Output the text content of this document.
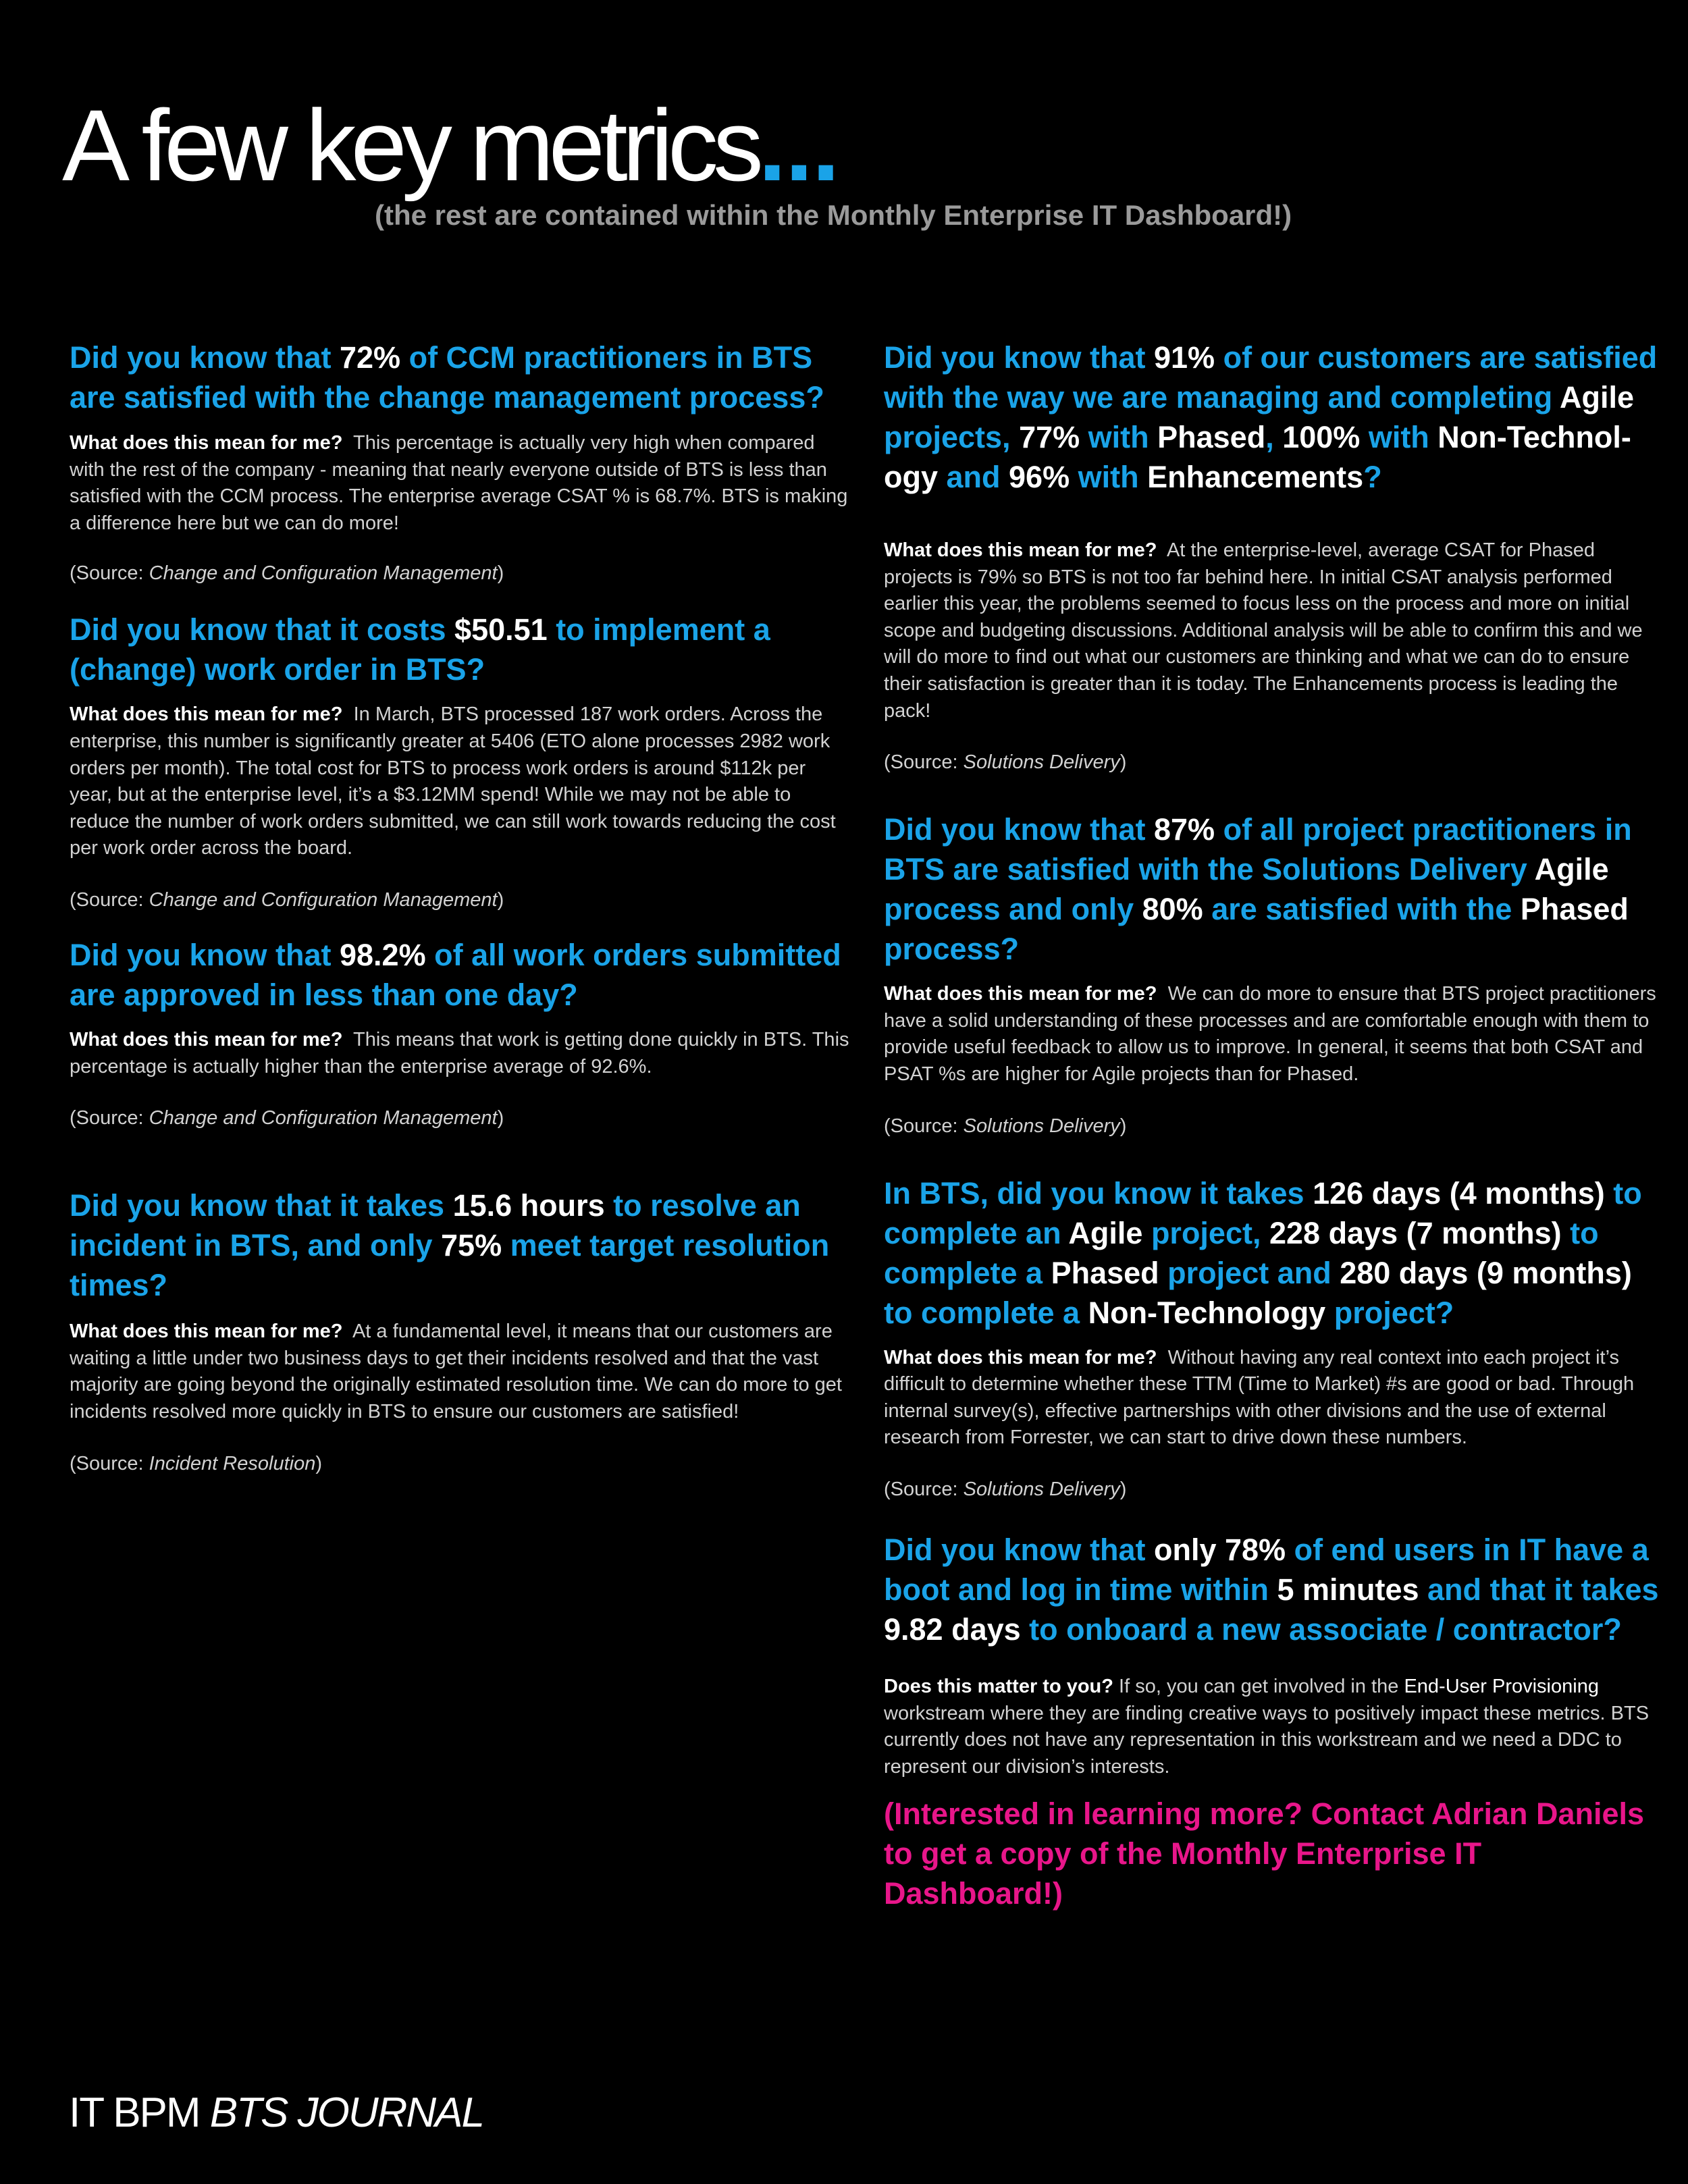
A few key metrics...
(the rest are contained within the Monthly Enterprise IT Dashboard!)
Did you know that 72% of CCM practitioners in BTS are satisfied with the change management process?

What does this mean for me? This percentage is actually very high when compared with the rest of the company - meaning that nearly everyone outside of BTS is less than satisfied with the CCM process. The enterprise average CSAT % is 68.7%. BTS is making a difference here but we can do more!

(Source: Change and Configuration Management)

Did you know that it costs $50.51 to implement a (change) work order in BTS?

What does this mean for me? In March, BTS processed 187 work orders. Across the enterprise, this number is significantly greater at 5406 (ETO alone processes 2982 work orders per month). The total cost for BTS to process work orders is around $112k per year, but at the enterprise level, it’s a $3.12MM spend! While we may not be able to reduce the number of work orders submitted, we can still work towards reducing the cost per work order across the board.

(Source: Change and Configuration Management)

Did you know that 98.2% of all work orders submitted are approved in less than one day?

What does this mean for me? This means that work is getting done quickly in BTS. This percentage is actually higher than the enterprise average of 92.6%.

(Source: Change and Configuration Management)

Did you know that it takes 15.6 hours to resolve an incident in BTS, and only 75% meet target resolution times?

What does this mean for me? At a fundamental level, it means that our customers are waiting a little under two business days to get their incidents resolved and that the vast majority are going beyond the originally estimated resolution time. We can do more to get incidents resolved more quickly in BTS to ensure our customers are satisfied!

(Source: Incident Resolution)

Did you know that 91% of our customers are satisfied with the way we are managing and completing Agile projects, 77% with Phased, 100% with Non-Technol-ogy and 96% with Enhancements?

What does this mean for me? At the enterprise-level, average CSAT for Phased projects is 79% so BTS is not too far behind here. In initial CSAT analysis performed earlier this year, the problems seemed to focus less on the process and more on initial scope and budgeting discussions. Additional analysis will be able to confirm this and we will do more to find out what our customers are thinking and what we can do to ensure their satisfaction is greater than it is today. The Enhancements process is leading the pack!

(Source: Solutions Delivery)

Did you know that 87% of all project practitioners in BTS are satisfied with the Solutions Delivery Agile process and only 80% are satisfied with the Phased process?

What does this mean for me? We can do more to ensure that BTS project practitioners have a solid understanding of these processes and are comfortable enough with them to provide useful feedback to allow us to improve. In general, it seems that both CSAT and PSAT %s are higher for Agile projects than for Phased.

(Source: Solutions Delivery)

In BTS, did you know it takes 126 days (4 months) to complete an Agile project, 228 days (7 months) to complete a Phased project and 280 days (9 months) to complete a Non-Technology project?

What does this mean for me? Without having any real context into each project it’s difficult to determine whether these TTM (Time to Market) #s are good or bad. Through internal survey(s), effective partnerships with other divisions and the use of external research from Forrester, we can start to drive down these numbers.

(Source: Solutions Delivery)

Did you know that only 78% of end users in IT have a boot and log in time within 5 minutes and that it takes 9.82 days to onboard a new associate / contractor?

Does this matter to you? If so, you can get involved in the End-User Provisioning workstream where they are finding creative ways to positively impact these metrics. BTS currently does not have any representation in this workstream and we need a DDC to represent our division’s interests.

(Interested in learning more? Contact Adrian Daniels to get a copy of the Monthly Enterprise IT Dashboard!)

IT BPM BTS JOURNAL
